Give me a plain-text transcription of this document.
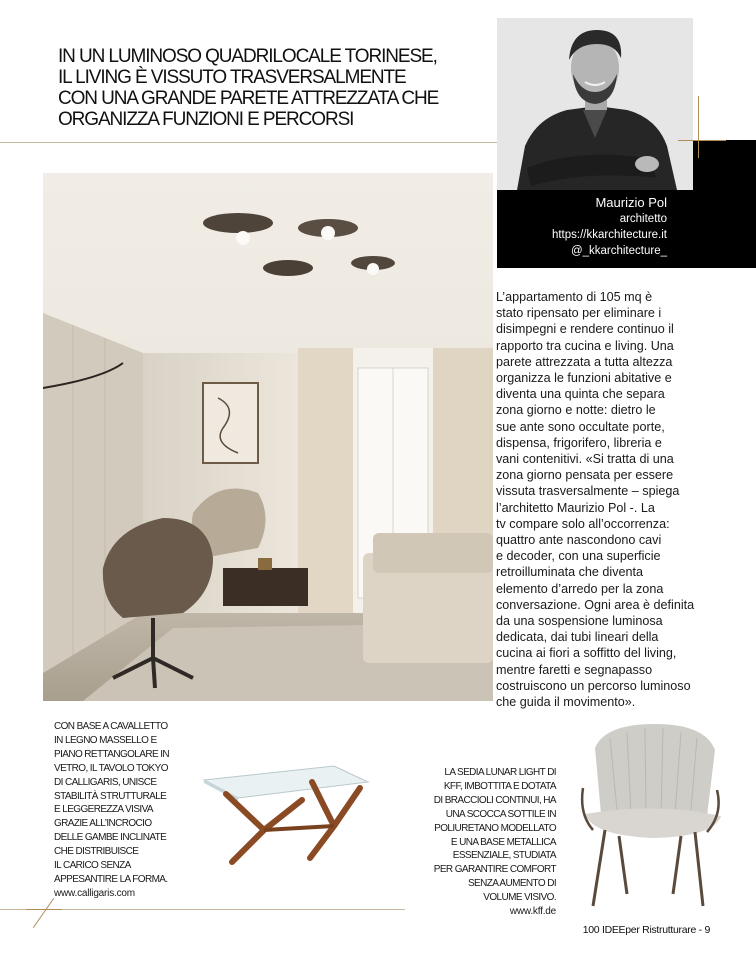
IN UN LUMINOSO QUADRILOCALE TORINESE,
IL LIVING È VISSUTO TRASVERSALMENTE
CON UNA GRANDE PARETE ATTREZZATA CHE
ORGANIZZA FUNZIONI E PERCORSI
Maurizio Pol
architetto
https://kkarchitecture.it
@_kkarchitecture_
L’appartamento di 105 mq è
stato ripensato per eliminare i
disimpegni e rendere continuo il
rapporto tra cucina e living. Una
parete attrezzata a tutta altezza
organizza le funzioni abitative e
diventa una quinta che separa
zona giorno e notte: dietro le
sue ante sono occultate porte,
dispensa, frigorifero, libreria e
vani contenitivi. «Si tratta di una
zona giorno pensata per essere
vissuta trasversalmente – spiega
l’architetto Maurizio Pol -. La
tv compare solo all’occorrenza:
quattro ante nascondono cavi
e decoder, con una superficie
retroilluminata che diventa
elemento d’arredo per la zona
conversazione. Ogni area è definita
da una sospensione luminosa
dedicata, dai tubi lineari della
cucina ai fiori a soffitto del living,
mentre faretti e segnapasso
costruiscono un percorso luminoso
che guida il movimento».
CON BASE A CAVALLETTO
IN LEGNO MASSELLO E
PIANO RETTANGOLARE IN
VETRO, IL TAVOLO TOKYO
DI CALLIGARIS, UNISCE
STABILITÀ STRUTTURALE
E LEGGEREZZA VISIVA
GRAZIE ALL’INCROCIO
DELLE GAMBE INCLINATE
CHE DISTRIBUISCE
IL CARICO SENZA
APPESANTIRE LA FORMA.
www.calligaris.com
LA SEDIA LUNAR LIGHT DI
KFF, IMBOTTITA E DOTATA
DI BRACCIOLI CONTINUI, HA
UNA SCOCCA SOTTILE IN
POLIURETANO MODELLATO
E UNA BASE METALLICA
ESSENZIALE, STUDIATA
PER GARANTIRE COMFORT
SENZA AUMENTO DI
VOLUME VISIVO.
www.kff.de
100 IDEEper Ristrutturare - 9
